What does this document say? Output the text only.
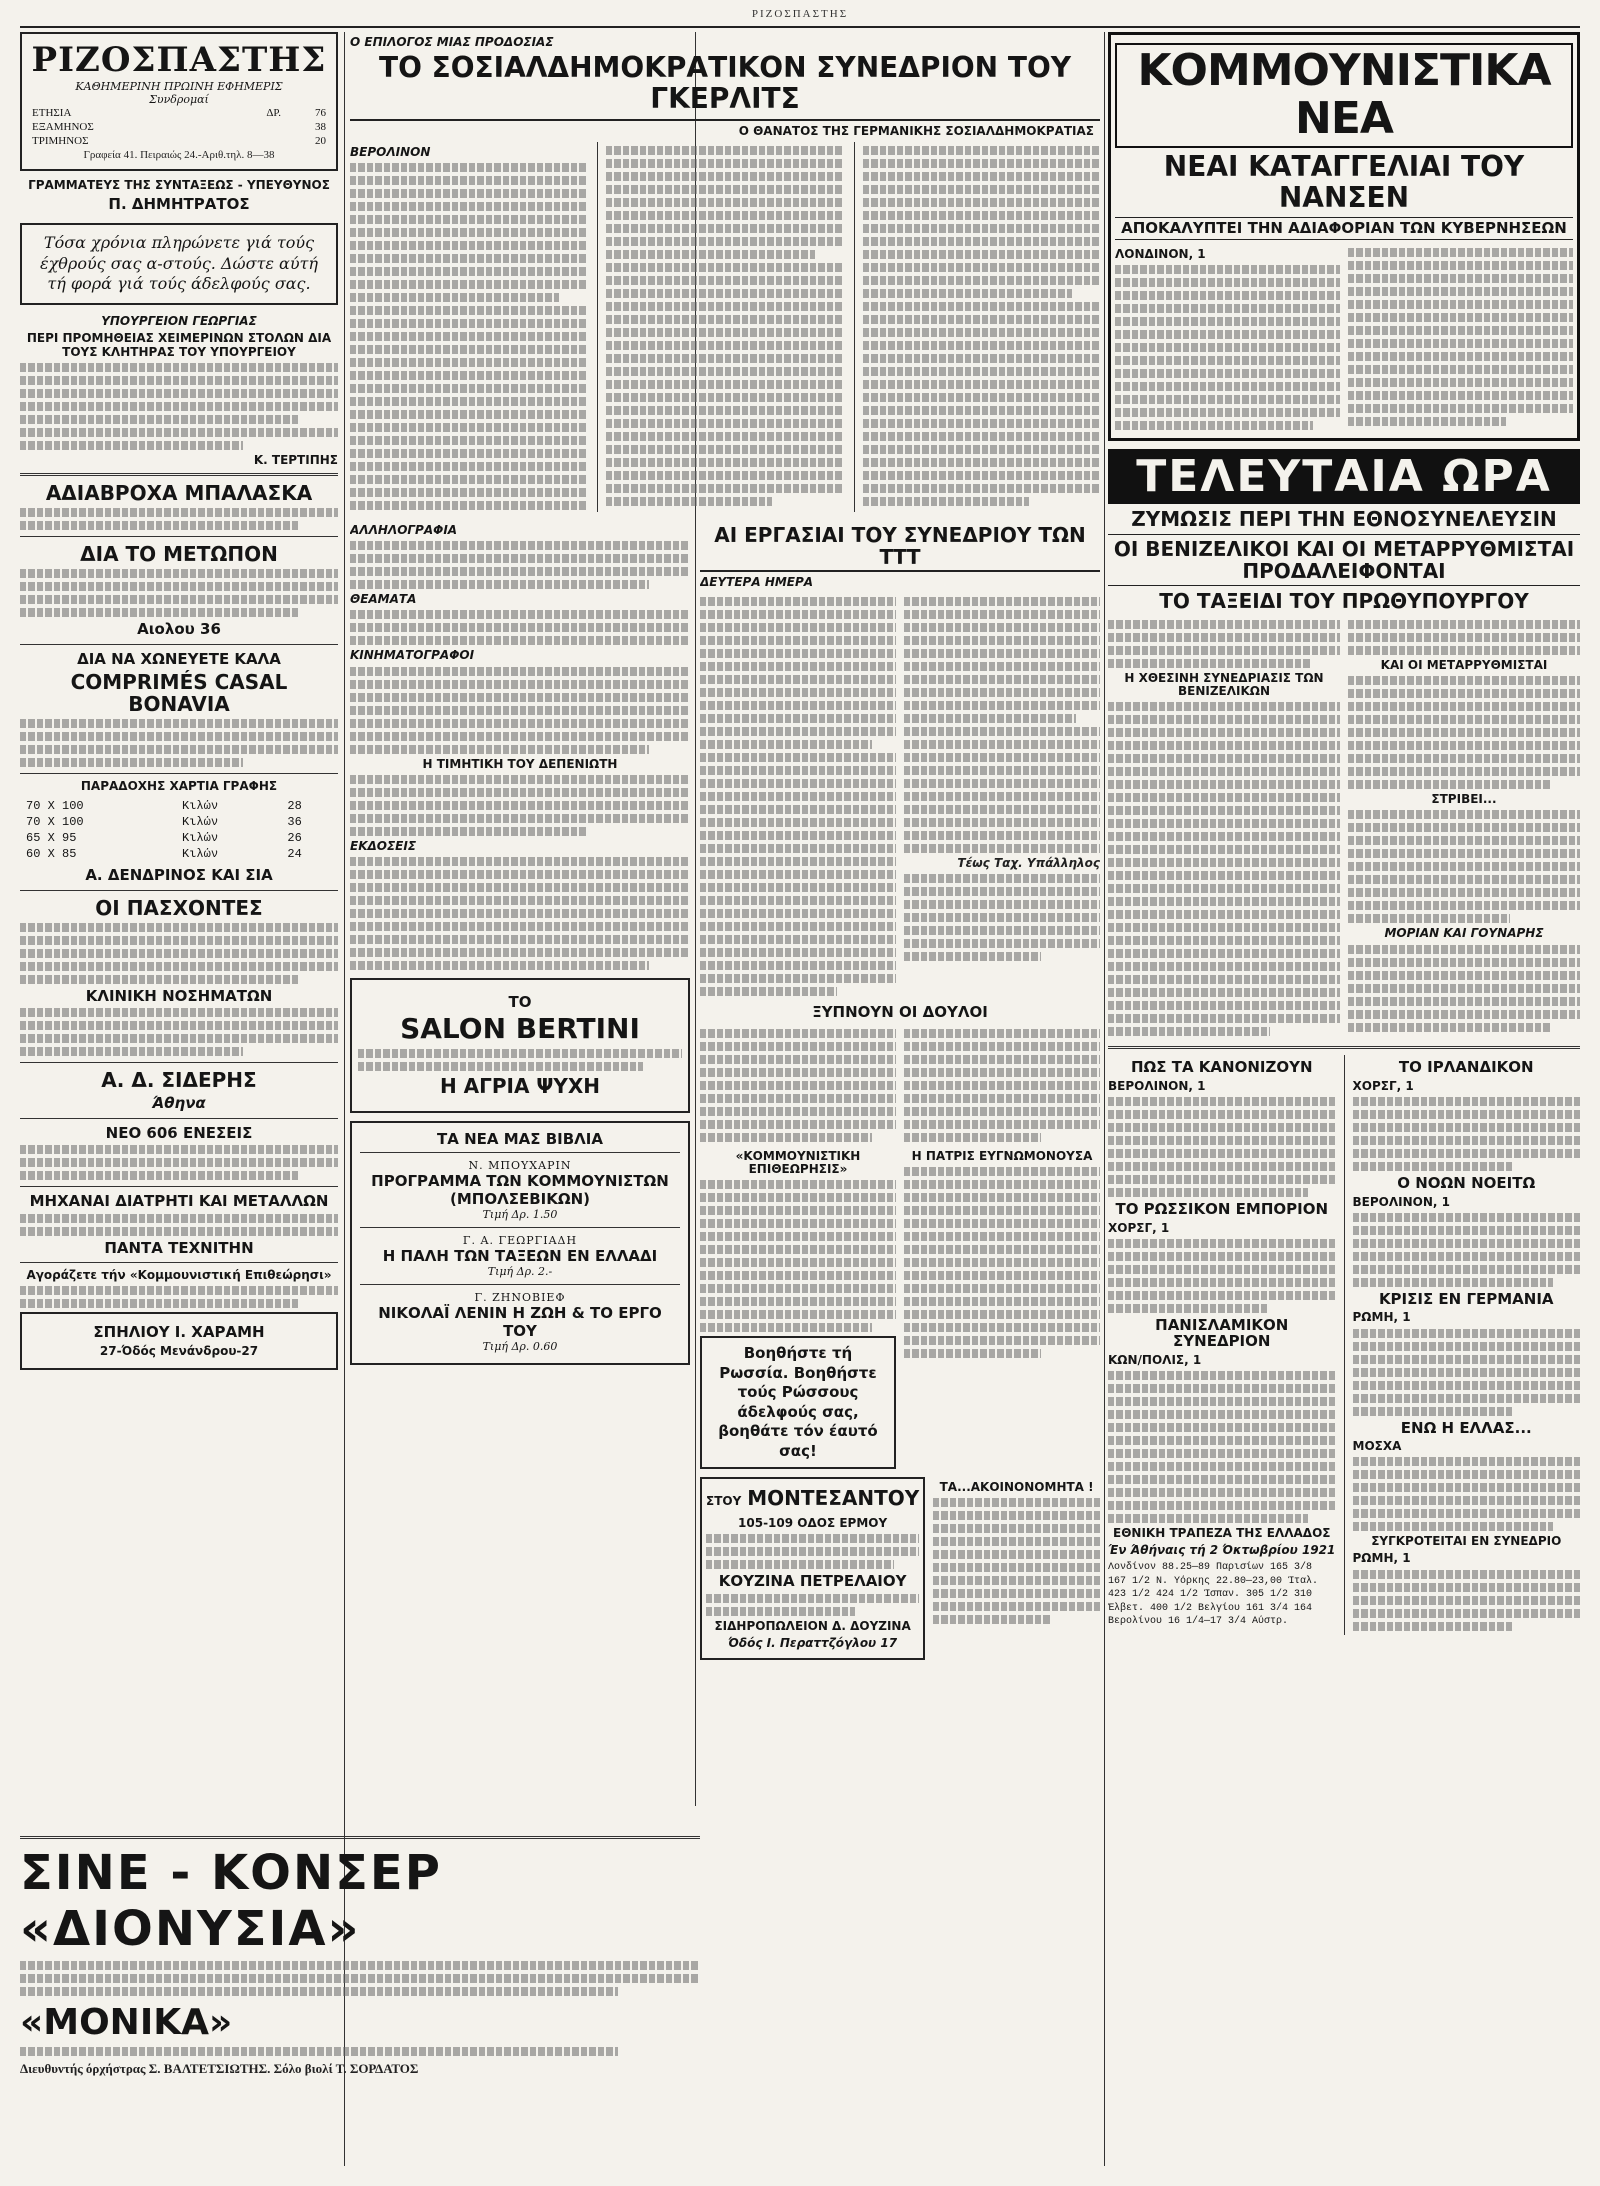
ΡΙΖΟΣΠΑΣΤΗΣ
ΡΙΖΟΣΠΑΣΤΗΣ
ΚΑΘΗΜΕΡΙΝΗ ΠΡΩΙΝΗ ΕΦΗΜΕΡΙΣ
Συνδρομαί
ΕΤΗΣΙΑ	ΔΡ.	76
ΕΞΑΜΗΝΟΣ		38
ΤΡΙΜΗΝΟΣ		20
Γραφεία 41. Πειραιώς 24.-Αριθ.τηλ. 8—38
ΓΡΑΜΜΑΤΕΥΣ ΤΗΣ ΣΥΝΤΑΞΕΩΣ - ΥΠΕΥΘΥΝΟΣ
Π. ΔΗΜΗΤΡΑΤΟΣ
Τόσα χρόνια πληρώνετε γιά τούς έχθρούς σας α-στούς. Δώστε αύτή τή φορά γιά τούς άδελφούς σας.
ΥΠΟΥΡΓΕΙΟΝ ΓΕΩΡΓΙΑΣ
ΠΕΡΙ ΠΡΟΜΗΘΕΙΑΣ ΧΕΙΜΕΡΙΝΩΝ ΣΤΟΛΩΝ ΔΙΑ ΤΟΥΣ ΚΛΗΤΗΡΑΣ ΤΟΥ ΥΠΟΥΡΓΕΙΟΥ
Κ. ΤΕΡΤΙΠΗΣ
ΑΔΙΑΒΡΟΧΑ ΜΠΑΛΑΣΚΑ
ΔΙΑ ΤΟ ΜΕΤΩΠΟΝ
Αιολου 36
ΔΙΑ ΝΑ ΧΩΝΕΥΕΤΕ ΚΑΛΑ
COMPRIMÉS CASAL BONAVIA
ΠΑΡΑΔΟΧΗΣ ΧΑΡΤΙΑ ΓΡΑΦΗΣ
70 Χ 100	Κιλών	28
70 Χ 100	Κιλών	36
65 Χ 95	Κιλών	26
60 Χ 85	Κιλών	24
Α. ΔΕΝΔΡΙΝΟΣ ΚΑΙ ΣΙΑ
ΟΙ ΠΑΣΧΟΝΤΕΣ
ΚΛΙΝΙΚΗ ΝΟΣΗΜΑΤΩΝ
Α. Δ. ΣΙΔΕΡΗΣ
Άθηνα
ΝΕΟ 606 ΕΝΕΣΕΙΣ
ΜΗΧΑΝΑΙ ΔΙΑΤΡΗΤΙ ΚΑΙ ΜΕΤΑΛΛΩΝ
ΠΑΝΤΑ ΤΕΧΝΙΤΗΝ
Αγοράζετε τήν «Κομμουνιστική Επιθεώρησι»
ΣΠΗΛΙΟΥ Ι. ΧΑΡΑΜΗ
27-Όδός Μενάνδρου-27
Ο ΕΠΙΛΟΓΟΣ ΜΙΑΣ ΠΡΟΔΟΣΙΑΣ
ΤΟ ΣΟΣΙΑΛΔΗΜΟΚΡΑΤΙΚΟΝ ΣΥΝΕΔΡΙΟΝ ΤΟΥ ΓΚΕΡΛΙΤΣ
Ο ΘΑΝΑΤΟΣ ΤΗΣ ΓΕΡΜΑΝΙΚΗΣ ΣΟΣΙΑΛΔΗΜΟΚΡΑΤΙΑΣ
ΒΕΡΟΛΙΝΟΝ
ΑΛΛΗΛΟΓΡΑΦΙΑ
ΘΕΑΜΑΤΑ
ΚΙΝΗΜΑΤΟΓΡΑΦΟΙ
Η ΤΙΜΗΤΙΚΗ ΤΟΥ ΔΕΠΕΝΙΩΤΗ
ΕΚΔΟΣΕΙΣ
ΤΟ
SALON BERTINI
Η ΑΓΡΙΑ ΨΥΧΗ
ΤΑ ΝΕΑ ΜΑΣ ΒΙΒΛΙΑ
Ν. ΜΠΟΥΧΑΡΙΝ
ΠΡΟΓΡΑΜΜΑ ΤΩΝ ΚΟΜΜΟΥΝΙΣΤΩΝ (ΜΠΟΛΣΕΒΙΚΩΝ)
Τιμή Δρ. 1.50
Γ. Α. ΓΕΩΡΓΙΑΔΗ
Η ΠΑΛΗ ΤΩΝ ΤΑΞΕΩΝ ΕΝ ΕΛΛΑΔΙ
Τιμή Δρ. 2.-
Γ. ΖΗΝΟΒΙΕΦ
ΝΙΚΟΛΑΪ ΛΕΝΙΝ Η ΖΩΗ & ΤΟ ΕΡΓΟ ΤΟΥ
Τιμή Δρ. 0.60
ΑΙ ΕΡΓΑΣΙΑΙ ΤΟΥ ΣΥΝΕΔΡΙΟΥ ΤΩΝ ΤΤΤ
ΔΕΥΤΕΡΑ ΗΜΕΡΑ
Τέως Ταχ. Υπάλληλος
ΞΥΠΝΟΥΝ ΟΙ ΔΟΥΛΟΙ
«ΚΟΜΜΟΥΝΙΣΤΙΚΗ ΕΠΙΘΕΩΡΗΣΙΣ»
Βοηθήστε τή Ρωσσία. Βοηθήστε τούς Ρώσσους άδελφούς σας, βοηθάτε τόν έαυτό σας!
Η ΠΑΤΡΙΣ ΕΥΓΝΩΜΟΝΟΥΣΑ
ΣΤΟΥ ΜΟΝΤΕΣΑΝΤΟΥ
105-109 ΟΔΟΣ ΕΡΜΟΥ
ΚΟΥΖΙΝΑ ΠΕΤΡΕΛΑΙΟΥ
ΣΙΔΗΡΟΠΩΛΕΙΟΝ Δ. ΔΟΥΖΙΝΑ
Όδός Ι. Περαττζόγλου 17
ΤΑ...ΑΚΟΙΝΟΝΟΜΗΤΑ !
ΚΟΜΜΟΥΝΙΣΤΙΚΑ ΝΕΑ
ΝΕΑΙ ΚΑΤΑΓΓΕΛΙΑΙ ΤΟΥ ΝΑΝΣΕΝ
ΑΠΟΚΑΛΥΠΤΕΙ ΤΗΝ ΑΔΙΑΦΟΡΙΑΝ ΤΩΝ ΚΥΒΕΡΝΗΣΕΩΝ
ΛΟΝΔΙΝΟΝ, 1
ΤΕΛΕΥΤΑΙΑ ΩΡΑ
ΖΥΜΩΣΙΣ ΠΕΡΙ ΤΗΝ ΕΘΝΟΣΥΝΕΛΕΥΣΙΝ
ΟΙ ΒΕΝΙΖΕΛΙΚΟΙ ΚΑΙ ΟΙ ΜΕΤΑΡΡΥΘΜΙΣΤΑΙ ΠΡΟΔΑΛΕΙΦΟΝΤΑΙ
ΤΟ ΤΑΞΕΙΔΙ ΤΟΥ ΠΡΩΘΥΠΟΥΡΓΟΥ
Η ΧΘΕΣΙΝΗ ΣΥΝΕΔΡΙΑΣΙΣ ΤΩΝ ΒΕΝΙΖΕΛΙΚΩΝ
ΚΑΙ ΟΙ ΜΕΤΑΡΡΥΘΜΙΣΤΑΙ
ΣΤΡΙΒΕΙ...
ΜΟΡΙΑΝ ΚΑΙ ΓΟΥΝΑΡΗΣ
ΠΩΣ ΤΑ ΚΑΝΟΝΙΖΟΥΝ
ΒΕΡΟΛΙΝΟΝ, 1
ΤΟ ΡΩΣΣΙΚΟΝ ΕΜΠΟΡΙΟΝ
ΧΟΡΣΓ, 1
ΠΑΝΙΣΛΑΜΙΚΟΝ ΣΥΝΕΔΡΙΟΝ
ΚΩΝ/ΠΟΛΙΣ, 1
ΕΘΝΙΚΗ ΤΡΑΠΕΖΑ ΤΗΣ ΕΛΛΑΔΟΣ
Έν Άθήναις τή 2 Όκτωβρίου 1921
Λονδίνον 88.25—89 Παρισίων 165 3/8
167 1/2 Ν. Υόρκης 22.80—23,00 Ίταλ.
423 1/2 424 1/2 Ίσπαν. 305 1/2 310
Έλβετ. 400 1/2 Βελγίου 161 3/4 164
Βερολίνου 16 1/4—17 3/4 Αύστρ.
ΤΟ ΙΡΛΑΝΔΙΚΟΝ
ΧΟΡΣΓ, 1
Ο ΝΟΩΝ ΝΟΕΙΤΩ
ΒΕΡΟΛΙΝΟΝ, 1
ΚΡΙΣΙΣ ΕΝ ΓΕΡΜΑΝΙΑ
ΡΩΜΗ, 1
ΕΝΩ Η ΕΛΛΑΣ...
ΜΟΣΧΑ
ΣΥΓΚΡΟΤΕΙΤΑΙ ΕΝ ΣΥΝΕΔΡΙΟ
ΡΩΜΗ, 1
ΣΙΝΕ - ΚΟΝΣΕΡ «ΔΙΟΝΥΣΙΑ»
«ΜΟΝΙΚΑ»
Διευθυντής όρχήστρας Σ. ΒΑΛΤΕΤΣΙΩΤΗΣ. Σόλο βιολί Τ. ΣΟΡΔΑΤΟΣ
